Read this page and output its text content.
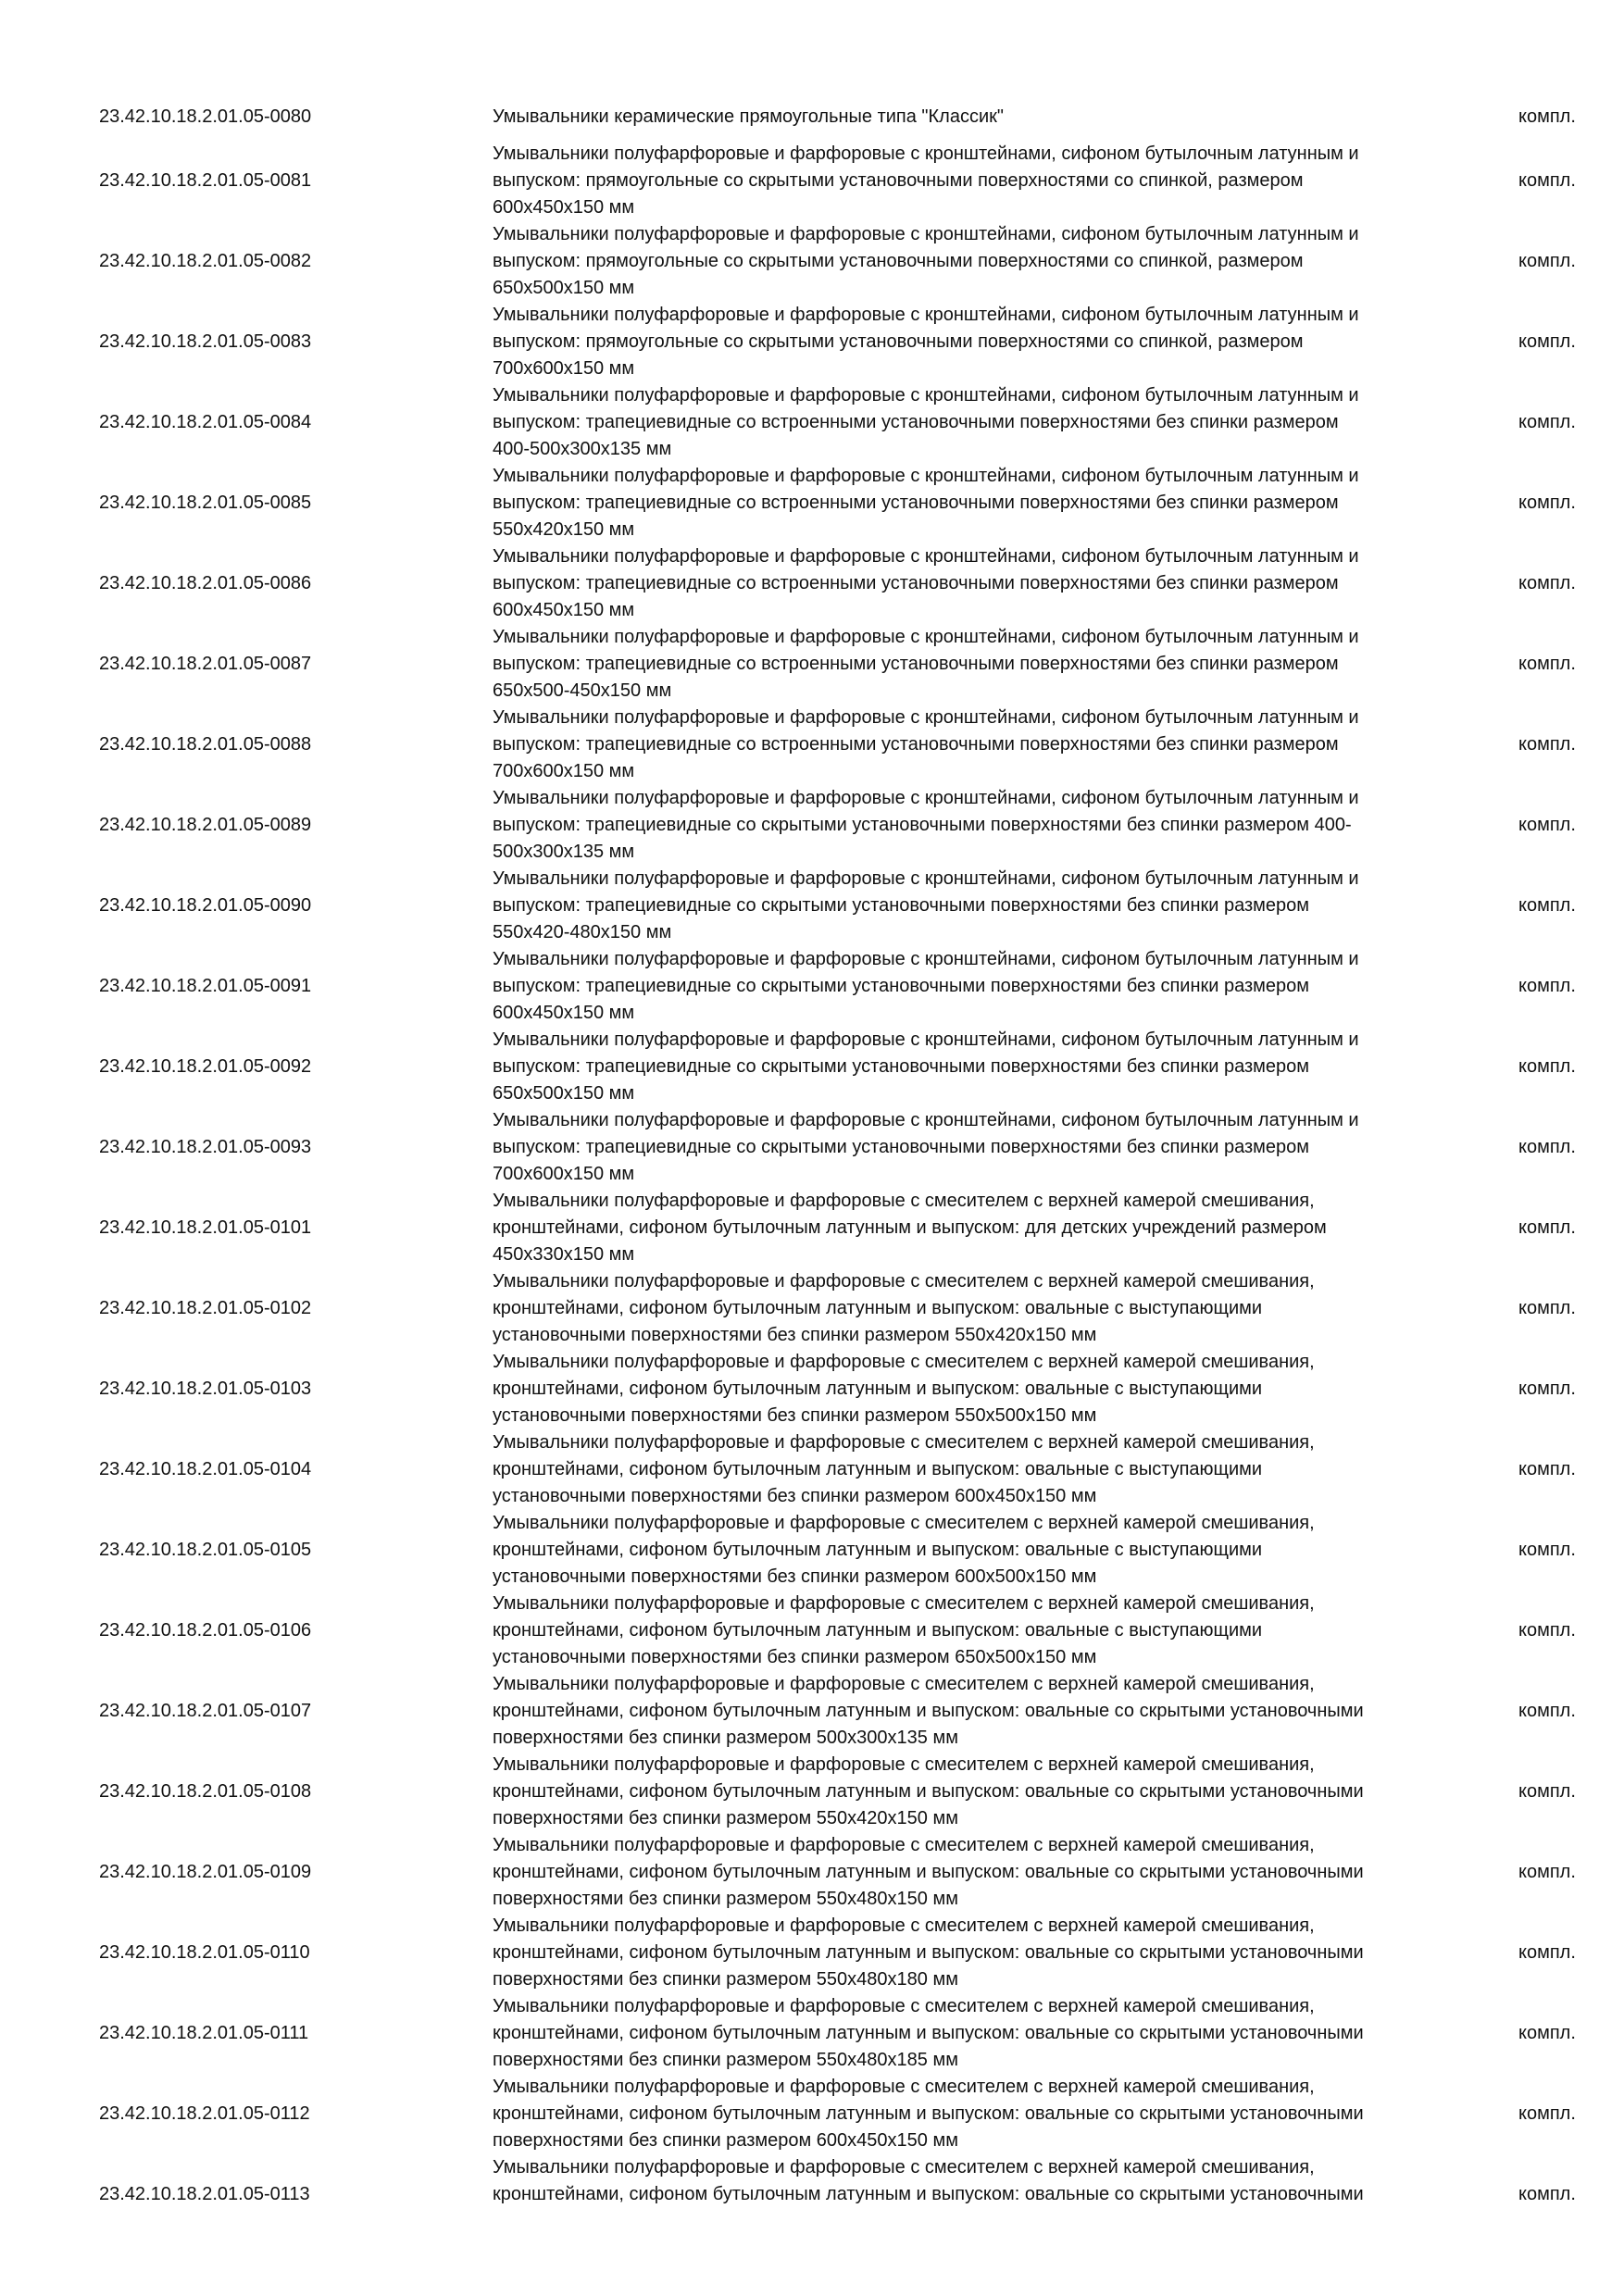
23.42.10.18.2.01.05-0080	Умывальники керамические прямоугольные типа "Классик"	компл.
23.42.10.18.2.01.05-0081
Умывальники полуфарфоровые и фарфоровые с кронштейнами, сифоном бутылочным латунным и
выпуском: прямоугольные со скрытыми установочными поверхностями со спинкой, размером
600x450x150 мм
компл.
23.42.10.18.2.01.05-0082
Умывальники полуфарфоровые и фарфоровые с кронштейнами, сифоном бутылочным латунным и
выпуском: прямоугольные со скрытыми установочными поверхностями со спинкой, размером
650x500x150 мм
компл.
23.42.10.18.2.01.05-0083
Умывальники полуфарфоровые и фарфоровые с кронштейнами, сифоном бутылочным латунным и
выпуском: прямоугольные со скрытыми установочными поверхностями со спинкой, размером
700x600x150 мм
компл.
23.42.10.18.2.01.05-0084
Умывальники полуфарфоровые и фарфоровые с кронштейнами, сифоном бутылочным латунным и
выпуском: трапециевидные со встроенными установочными поверхностями без спинки размером
400-500x300x135 мм
компл.
23.42.10.18.2.01.05-0085
Умывальники полуфарфоровые и фарфоровые с кронштейнами, сифоном бутылочным латунным и
выпуском: трапециевидные со встроенными установочными поверхностями без спинки размером
550x420x150 мм
компл.
23.42.10.18.2.01.05-0086
Умывальники полуфарфоровые и фарфоровые с кронштейнами, сифоном бутылочным латунным и
выпуском: трапециевидные со встроенными установочными поверхностями без спинки размером
600x450x150 мм
компл.
23.42.10.18.2.01.05-0087
Умывальники полуфарфоровые и фарфоровые с кронштейнами, сифоном бутылочным латунным и
выпуском: трапециевидные со встроенными установочными поверхностями без спинки размером
650x500-450x150 мм
компл.
23.42.10.18.2.01.05-0088
Умывальники полуфарфоровые и фарфоровые с кронштейнами, сифоном бутылочным латунным и
выпуском: трапециевидные со встроенными установочными поверхностями без спинки размером
700x600x150 мм
компл.
23.42.10.18.2.01.05-0089
Умывальники полуфарфоровые и фарфоровые с кронштейнами, сифоном бутылочным латунным и
выпуском: трапециевидные со скрытыми установочными поверхностями без спинки размером 400-
500x300x135 мм
компл.
23.42.10.18.2.01.05-0090
Умывальники полуфарфоровые и фарфоровые с кронштейнами, сифоном бутылочным латунным и
выпуском: трапециевидные со скрытыми установочными поверхностями без спинки размером
550x420-480x150 мм
компл.
23.42.10.18.2.01.05-0091
Умывальники полуфарфоровые и фарфоровые с кронштейнами, сифоном бутылочным латунным и
выпуском: трапециевидные со скрытыми установочными поверхностями без спинки размером
600x450x150 мм
компл.
23.42.10.18.2.01.05-0092
Умывальники полуфарфоровые и фарфоровые с кронштейнами, сифоном бутылочным латунным и
выпуском: трапециевидные со скрытыми установочными поверхностями без спинки размером
650x500x150 мм
компл.
23.42.10.18.2.01.05-0093
Умывальники полуфарфоровые и фарфоровые с кронштейнами, сифоном бутылочным латунным и
выпуском: трапециевидные со скрытыми установочными поверхностями без спинки размером
700x600x150 мм
компл.
23.42.10.18.2.01.05-0101
Умывальники полуфарфоровые и фарфоровые с смесителем с верхней камерой смешивания,
кронштейнами, сифоном бутылочным латунным и выпуском: для детских учреждений размером
450x330x150 мм
компл.
23.42.10.18.2.01.05-0102
Умывальники полуфарфоровые и фарфоровые с смесителем с верхней камерой смешивания,
кронштейнами, сифоном бутылочным латунным и выпуском: овальные с выступающими
установочными поверхностями без спинки размером 550x420x150 мм
компл.
23.42.10.18.2.01.05-0103
Умывальники полуфарфоровые и фарфоровые с смесителем с верхней камерой смешивания,
кронштейнами, сифоном бутылочным латунным и выпуском: овальные с выступающими
установочными поверхностями без спинки размером 550x500x150 мм
компл.
23.42.10.18.2.01.05-0104
Умывальники полуфарфоровые и фарфоровые с смесителем с верхней камерой смешивания,
кронштейнами, сифоном бутылочным латунным и выпуском: овальные с выступающими
установочными поверхностями без спинки размером 600x450x150 мм
компл.
23.42.10.18.2.01.05-0105
Умывальники полуфарфоровые и фарфоровые с смесителем с верхней камерой смешивания,
кронштейнами, сифоном бутылочным латунным и выпуском: овальные с выступающими
установочными поверхностями без спинки размером 600x500x150 мм
компл.
23.42.10.18.2.01.05-0106
Умывальники полуфарфоровые и фарфоровые с смесителем с верхней камерой смешивания,
кронштейнами, сифоном бутылочным латунным и выпуском: овальные с выступающими
установочными поверхностями без спинки размером 650x500x150 мм
компл.
23.42.10.18.2.01.05-0107
Умывальники полуфарфоровые и фарфоровые с смесителем с верхней камерой смешивания,
кронштейнами, сифоном бутылочным латунным и выпуском: овальные со скрытыми установочными
поверхностями без спинки размером 500x300x135 мм
компл.
23.42.10.18.2.01.05-0108
Умывальники полуфарфоровые и фарфоровые с смесителем с верхней камерой смешивания,
кронштейнами, сифоном бутылочным латунным и выпуском: овальные со скрытыми установочными
поверхностями без спинки размером 550x420x150 мм
компл.
23.42.10.18.2.01.05-0109
Умывальники полуфарфоровые и фарфоровые с смесителем с верхней камерой смешивания,
кронштейнами, сифоном бутылочным латунным и выпуском: овальные со скрытыми установочными
поверхностями без спинки размером 550x480x150 мм
компл.
23.42.10.18.2.01.05-0110
Умывальники полуфарфоровые и фарфоровые с смесителем с верхней камерой смешивания,
кронштейнами, сифоном бутылочным латунным и выпуском: овальные со скрытыми установочными
поверхностями без спинки размером 550x480x180 мм
компл.
23.42.10.18.2.01.05-0111
Умывальники полуфарфоровые и фарфоровые с смесителем с верхней камерой смешивания,
кронштейнами, сифоном бутылочным латунным и выпуском: овальные со скрытыми установочными
поверхностями без спинки размером 550x480x185 мм
компл.
23.42.10.18.2.01.05-0112
Умывальники полуфарфоровые и фарфоровые с смесителем с верхней камерой смешивания,
кронштейнами, сифоном бутылочным латунным и выпуском: овальные со скрытыми установочными
поверхностями без спинки размером 600x450x150 мм
компл.
23.42.10.18.2.01.05-0113
Умывальники полуфарфоровые и фарфоровые с смесителем с верхней камерой смешивания,
кронштейнами, сифоном бутылочным латунным и выпуском: овальные со скрытыми установочными	компл.
